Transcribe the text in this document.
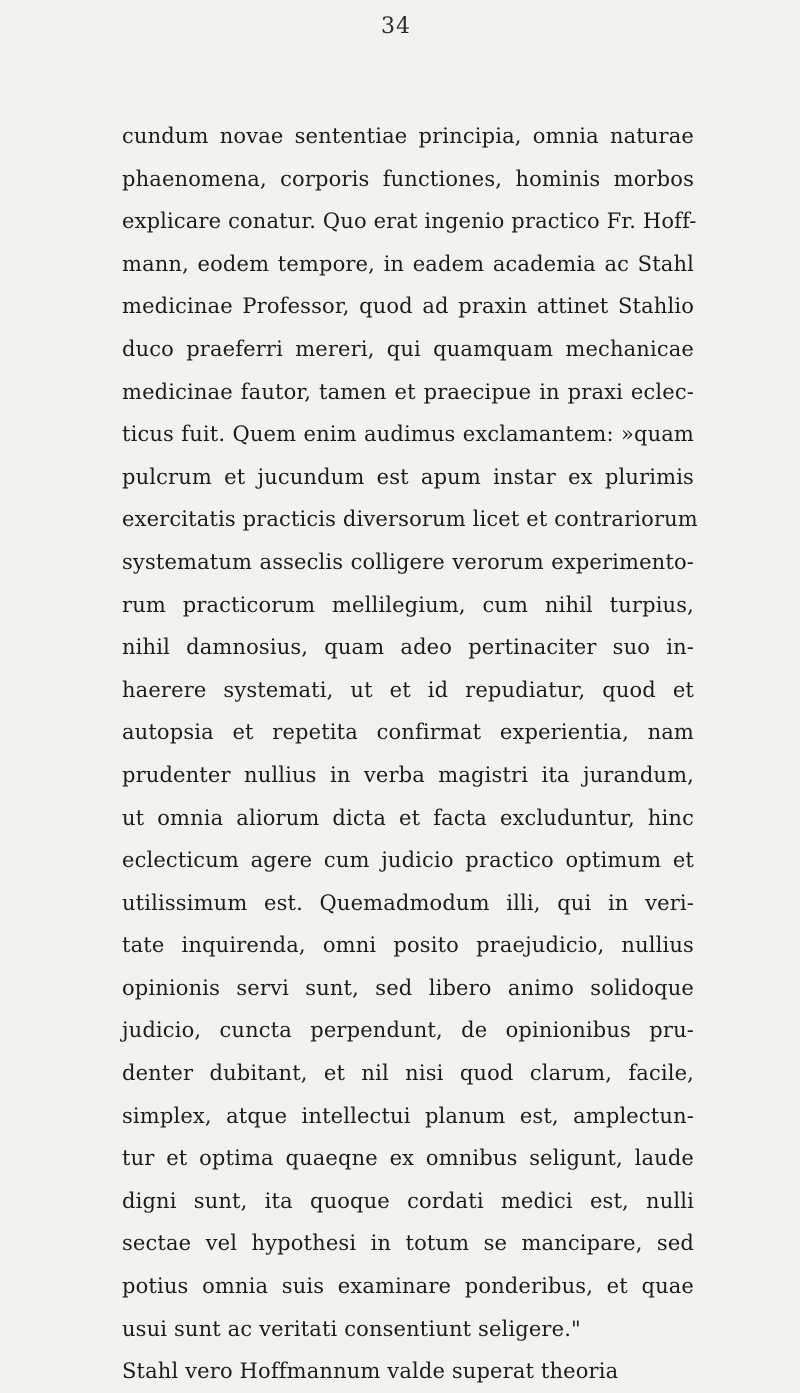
34
cundum novae sententiae principia, omnia naturae
phaenomena, corporis functiones, hominis morbos
explicare conatur. Quo erat ingenio practico Fr. Hoff-
mann, eodem tempore, in eadem academia ac Stahl
medicinae Professor, quod ad praxin attinet Stahlio
duco praeferri mereri, qui quamquam mechanicae
medicinae fautor, tamen et praecipue in praxi eclec-
ticus fuit. Quem enim audimus exclamantem: »quam
pulcrum et jucundum est apum instar ex plurimis
exercitatis practicis diversorum licet et contrariorum
systematum asseclis colligere verorum experimento-
rum practicorum mellilegium, cum nihil turpius,
nihil damnosius, quam adeo pertinaciter suo in-
haerere systemati, ut et id repudiatur, quod et
autopsia et repetita confirmat experientia, nam
prudenter nullius in verba magistri ita jurandum,
ut omnia aliorum dicta et facta excluduntur, hinc
eclecticum agere cum judicio practico optimum et
utilissimum est. Quemadmodum illi, qui in veri-
tate inquirenda, omni posito praejudicio, nullius
opinionis servi sunt, sed libero animo solidoque
judicio, cuncta perpendunt, de opinionibus pru-
denter dubitant, et nil nisi quod clarum, facile,
simplex, atque intellectui planum est, amplectun-
tur et optima quaeqne ex omnibus seligunt, laude
digni sunt, ita quoque cordati medici est, nulli
sectae vel hypothesi in totum se mancipare, sed
potius omnia suis examinare ponderibus, et quae
usui sunt ac veritati consentiunt seligere."
Stahl vero Hoffmannum valde superat theoria
